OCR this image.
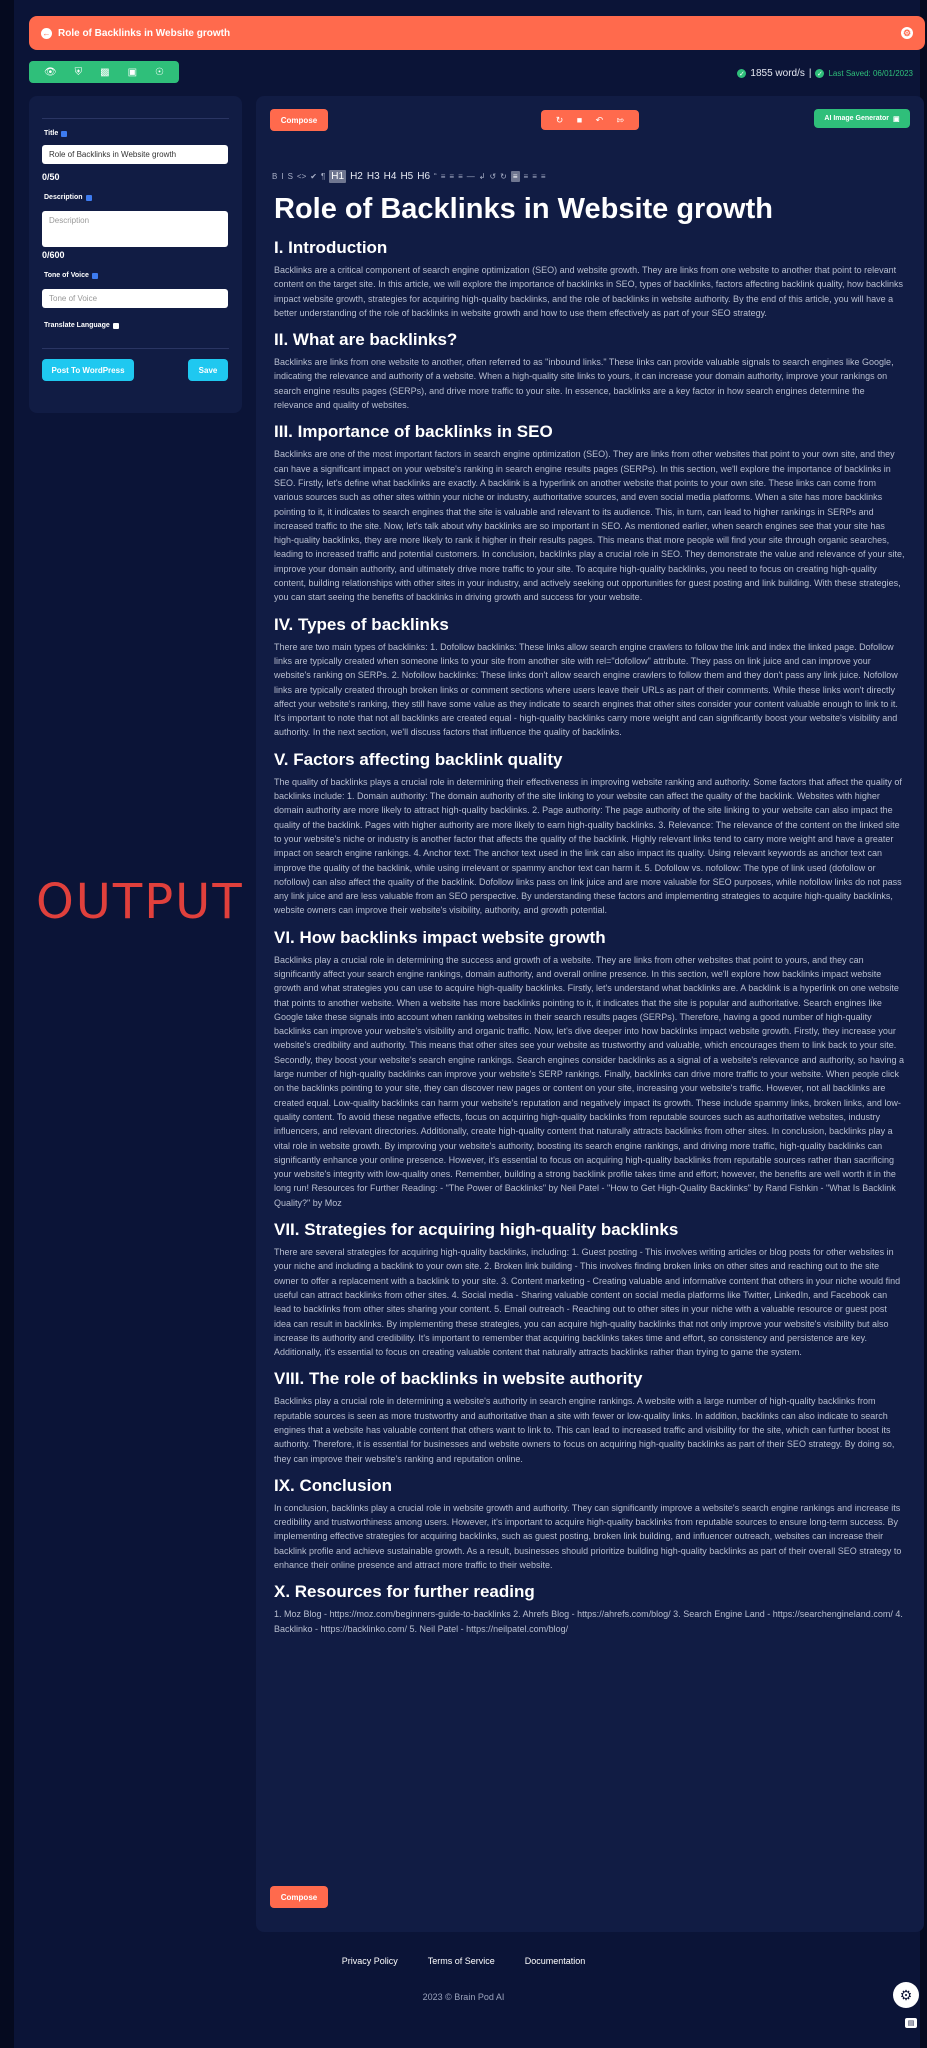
← Role of Backlinks in Website growth	⚙
👁 ⛨ ▩ ▣ ☉	✓ 1855 word/s | ✓ Last Saved: 06/01/2023
Title
Role of Backlinks in Website growth
0/50
Description
Description
0/600
Tone of Voice
Tone of Voice
Translate Language
Post To WordPress	Save
OUTPUT
Compose	↻ ■ ↶ ⇰	AI Image Generator ▣
B I S <> ✔ ¶ H1 H2 H3 H4 H5 H6 “ ≡ ≡ ≡ — ↲ ↺ ↻ ≡ ≡ ≡ ≡
Role of Backlinks in Website growth
I. Introduction

Backlinks are a critical component of search engine optimization (SEO) and website growth. They are links from one website to another that point to relevant content on the target site. In this article, we will explore the importance of backlinks in SEO, types of backlinks, factors affecting backlink quality, how backlinks impact website growth, strategies for acquiring high-quality backlinks, and the role of backlinks in website authority. By the end of this article, you will have a better understanding of the role of backlinks in website growth and how to use them effectively as part of your SEO strategy.

II. What are backlinks?

Backlinks are links from one website to another, often referred to as "inbound links." These links can provide valuable signals to search engines like Google, indicating the relevance and authority of a website. When a high-quality site links to yours, it can increase your domain authority, improve your rankings on search engine results pages (SERPs), and drive more traffic to your site. In essence, backlinks are a key factor in how search engines determine the relevance and quality of websites.

III. Importance of backlinks in SEO

Backlinks are one of the most important factors in search engine optimization (SEO). They are links from other websites that point to your own site, and they can have a significant impact on your website's ranking in search engine results pages (SERPs). In this section, we'll explore the importance of backlinks in SEO. Firstly, let's define what backlinks are exactly. A backlink is a hyperlink on another website that points to your own site. These links can come from various sources such as other sites within your niche or industry, authoritative sources, and even social media platforms. When a site has more backlinks pointing to it, it indicates to search engines that the site is valuable and relevant to its audience. This, in turn, can lead to higher rankings in SERPs and increased traffic to the site. Now, let's talk about why backlinks are so important in SEO. As mentioned earlier, when search engines see that your site has high-quality backlinks, they are more likely to rank it higher in their results pages. This means that more people will find your site through organic searches, leading to increased traffic and potential customers. In conclusion, backlinks play a crucial role in SEO. They demonstrate the value and relevance of your site, improve your domain authority, and ultimately drive more traffic to your site. To acquire high-quality backlinks, you need to focus on creating high-quality content, building relationships with other sites in your industry, and actively seeking out opportunities for guest posting and link building. With these strategies, you can start seeing the benefits of backlinks in driving growth and success for your website.

IV. Types of backlinks

There are two main types of backlinks: 1. Dofollow backlinks: These links allow search engine crawlers to follow the link and index the linked page. Dofollow links are typically created when someone links to your site from another site with rel="dofollow" attribute. They pass on link juice and can improve your website's ranking on SERPs. 2. Nofollow backlinks: These links don't allow search engine crawlers to follow them and they don't pass any link juice. Nofollow links are typically created through broken links or comment sections where users leave their URLs as part of their comments. While these links won't directly affect your website's ranking, they still have some value as they indicate to search engines that other sites consider your content valuable enough to link to it. It's important to note that not all backlinks are created equal - high-quality backlinks carry more weight and can significantly boost your website's visibility and authority. In the next section, we'll discuss factors that influence the quality of backlinks.

V. Factors affecting backlink quality

The quality of backlinks plays a crucial role in determining their effectiveness in improving website ranking and authority. Some factors that affect the quality of backlinks include: 1. Domain authority: The domain authority of the site linking to your website can affect the quality of the backlink. Websites with higher domain authority are more likely to attract high-quality backlinks. 2. Page authority: The page authority of the site linking to your website can also impact the quality of the backlink. Pages with higher authority are more likely to earn high-quality backlinks. 3. Relevance: The relevance of the content on the linked site to your website's niche or industry is another factor that affects the quality of the backlink. Highly relevant links tend to carry more weight and have a greater impact on search engine rankings. 4. Anchor text: The anchor text used in the link can also impact its quality. Using relevant keywords as anchor text can improve the quality of the backlink, while using irrelevant or spammy anchor text can harm it. 5. Dofollow vs. nofollow: The type of link used (dofollow or nofollow) can also affect the quality of the backlink. Dofollow links pass on link juice and are more valuable for SEO purposes, while nofollow links do not pass any link juice and are less valuable from an SEO perspective. By understanding these factors and implementing strategies to acquire high-quality backlinks, website owners can improve their website's visibility, authority, and growth potential.

VI. How backlinks impact website growth

Backlinks play a crucial role in determining the success and growth of a website. They are links from other websites that point to yours, and they can significantly affect your search engine rankings, domain authority, and overall online presence. In this section, we'll explore how backlinks impact website growth and what strategies you can use to acquire high-quality backlinks. Firstly, let's understand what backlinks are. A backlink is a hyperlink on one website that points to another website. When a website has more backlinks pointing to it, it indicates that the site is popular and authoritative. Search engines like Google take these signals into account when ranking websites in their search results pages (SERPs). Therefore, having a good number of high-quality backlinks can improve your website's visibility and organic traffic. Now, let's dive deeper into how backlinks impact website growth. Firstly, they increase your website's credibility and authority. This means that other sites see your website as trustworthy and valuable, which encourages them to link back to your site. Secondly, they boost your website's search engine rankings. Search engines consider backlinks as a signal of a website's relevance and authority, so having a large number of high-quality backlinks can improve your website's SERP rankings. Finally, backlinks can drive more traffic to your website. When people click on the backlinks pointing to your site, they can discover new pages or content on your site, increasing your website's traffic. However, not all backlinks are created equal. Low-quality backlinks can harm your website's reputation and negatively impact its growth. These include spammy links, broken links, and low-quality content. To avoid these negative effects, focus on acquiring high-quality backlinks from reputable sources such as authoritative websites, industry influencers, and relevant directories. Additionally, create high-quality content that naturally attracts backlinks from other sites. In conclusion, backlinks play a vital role in website growth. By improving your website's authority, boosting its search engine rankings, and driving more traffic, high-quality backlinks can significantly enhance your online presence. However, it's essential to focus on acquiring high-quality backlinks from reputable sources rather than sacrificing your website's integrity with low-quality ones. Remember, building a strong backlink profile takes time and effort; however, the benefits are well worth it in the long run! Resources for Further Reading: - "The Power of Backlinks" by Neil Patel - "How to Get High-Quality Backlinks" by Rand Fishkin - "What Is Backlink Quality?" by Moz

VII. Strategies for acquiring high-quality backlinks

There are several strategies for acquiring high-quality backlinks, including: 1. Guest posting - This involves writing articles or blog posts for other websites in your niche and including a backlink to your own site. 2. Broken link building - This involves finding broken links on other sites and reaching out to the site owner to offer a replacement with a backlink to your site. 3. Content marketing - Creating valuable and informative content that others in your niche would find useful can attract backlinks from other sites. 4. Social media - Sharing valuable content on social media platforms like Twitter, LinkedIn, and Facebook can lead to backlinks from other sites sharing your content. 5. Email outreach - Reaching out to other sites in your niche with a valuable resource or guest post idea can result in backlinks. By implementing these strategies, you can acquire high-quality backlinks that not only improve your website's visibility but also increase its authority and credibility. It's important to remember that acquiring backlinks takes time and effort, so consistency and persistence are key. Additionally, it's essential to focus on creating valuable content that naturally attracts backlinks rather than trying to game the system.

VIII. The role of backlinks in website authority

Backlinks play a crucial role in determining a website's authority in search engine rankings. A website with a large number of high-quality backlinks from reputable sources is seen as more trustworthy and authoritative than a site with fewer or low-quality links. In addition, backlinks can also indicate to search engines that a website has valuable content that others want to link to. This can lead to increased traffic and visibility for the site, which can further boost its authority. Therefore, it is essential for businesses and website owners to focus on acquiring high-quality backlinks as part of their SEO strategy. By doing so, they can improve their website's ranking and reputation online.

IX. Conclusion

In conclusion, backlinks play a crucial role in website growth and authority. They can significantly improve a website's search engine rankings and increase its credibility and trustworthiness among users. However, it's important to acquire high-quality backlinks from reputable sources to ensure long-term success. By implementing effective strategies for acquiring backlinks, such as guest posting, broken link building, and influencer outreach, websites can increase their backlink profile and achieve sustainable growth. As a result, businesses should prioritize building high-quality backlinks as part of their overall SEO strategy to enhance their online presence and attract more traffic to their website.

X. Resources for further reading

1. Moz Blog - https://moz.com/beginners-guide-to-backlinks 2. Ahrefs Blog - https://ahrefs.com/blog/ 3. Search Engine Land - https://searchengineland.com/ 4. Backlinko - https://backlinko.com/ 5. Neil Patel - https://neilpatel.com/blog/

Compose
Privacy Policy	Terms of Service	Documentation
2023 © Brain Pod AI	⚙
▤
